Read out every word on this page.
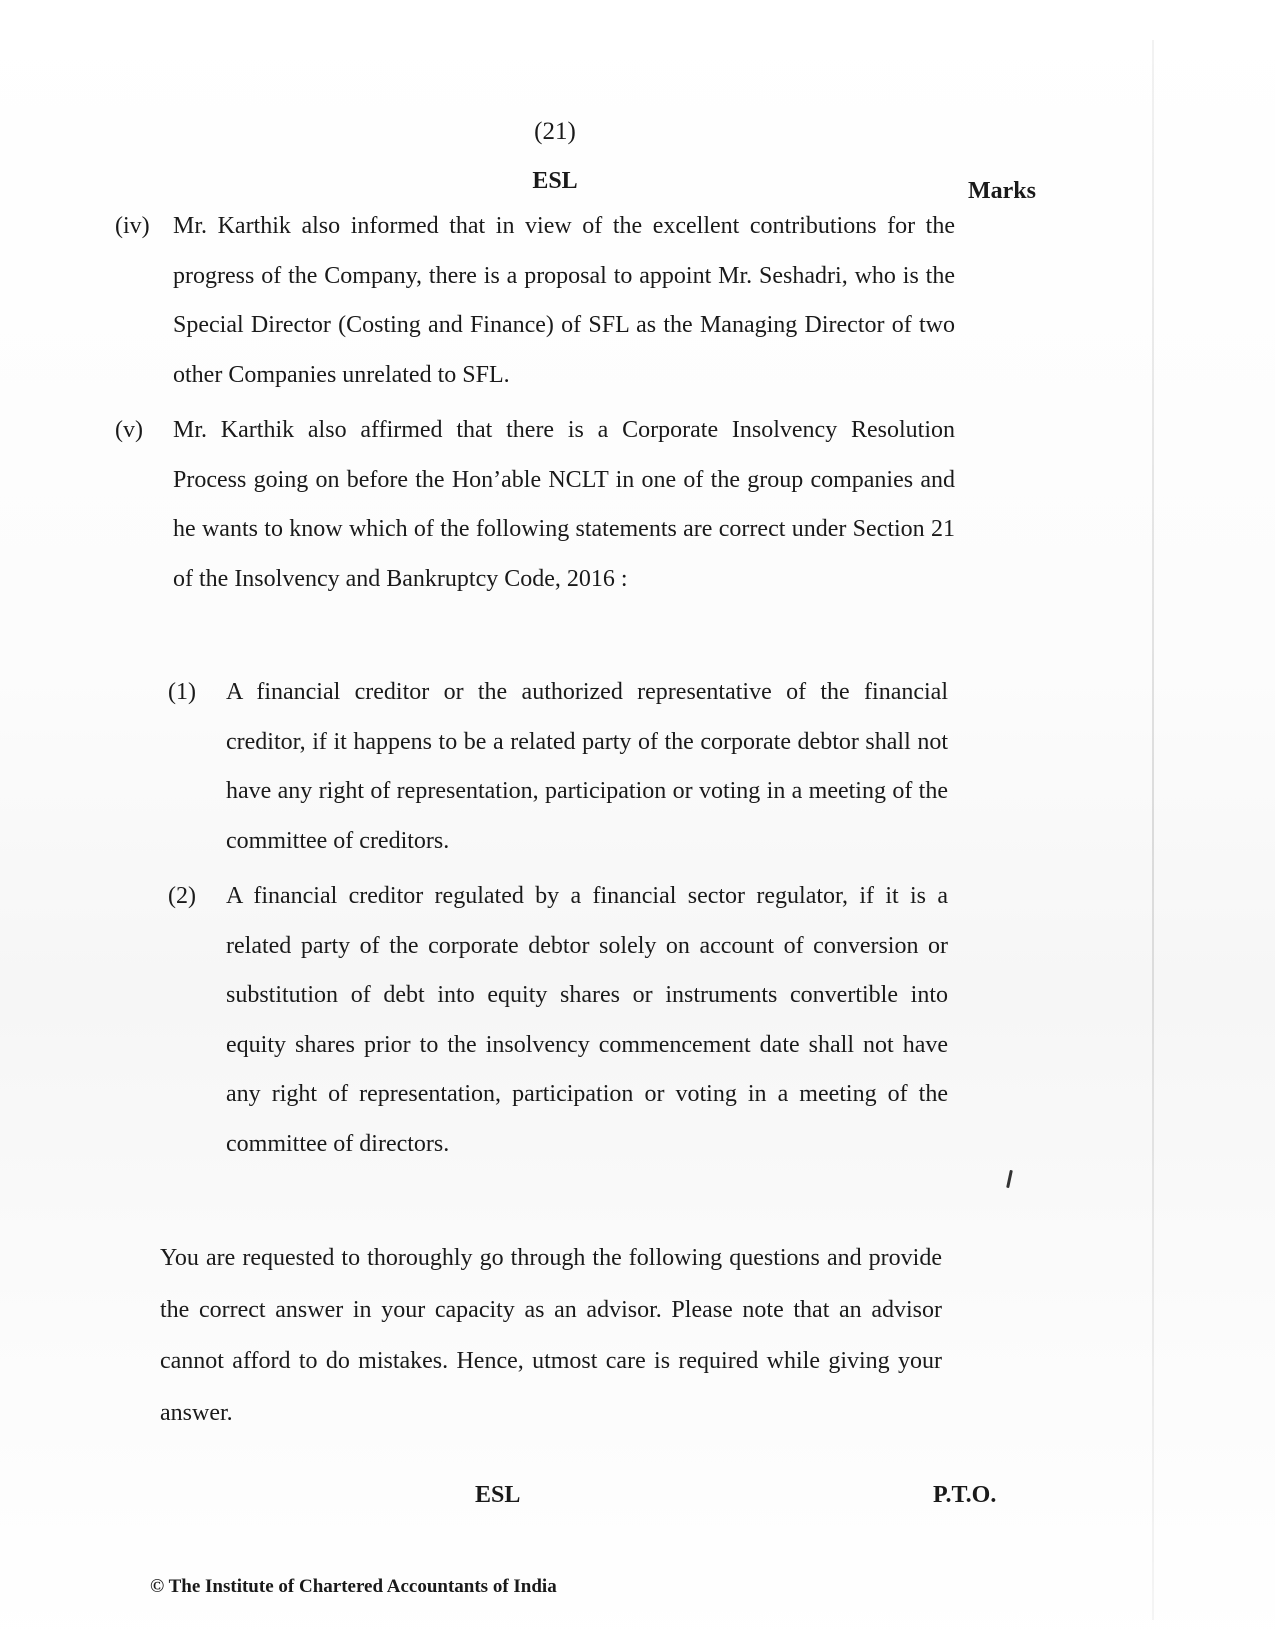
(21)
ESL	Marks
(iv) Mr. Karthik also informed that in view of the excellent contributions for the progress of the Company, there is a proposal to appoint Mr. Seshadri, who is the Special Director (Costing and Finance) of SFL as the Managing Director of two other Companies unrelated to SFL.
(v) Mr. Karthik also affirmed that there is a Corporate Insolvency Resolution Process going on before the Hon’able NCLT in one of the group companies and he wants to know which of the following statements are correct under Section 21 of the Insolvency and Bankruptcy Code, 2016 :
(1) A financial creditor or the authorized representative of the financial creditor, if it happens to be a related party of the corporate debtor shall not have any right of representation, participation or voting in a meeting of the committee of creditors.
(2) A financial creditor regulated by a financial sector regulator, if it is a related party of the corporate debtor solely on account of conversion or substitution of debt into equity shares or instruments convertible into equity shares prior to the insolvency commencement date shall not have any right of representation, participation or voting in a meeting of the committee of directors.
You are requested to thoroughly go through the following questions and provide the correct answer in your capacity as an advisor. Please note that an advisor cannot afford to do mistakes. Hence, utmost care is required while giving your answer.
ESL	P.T.O.
© The Institute of Chartered Accountants of India
